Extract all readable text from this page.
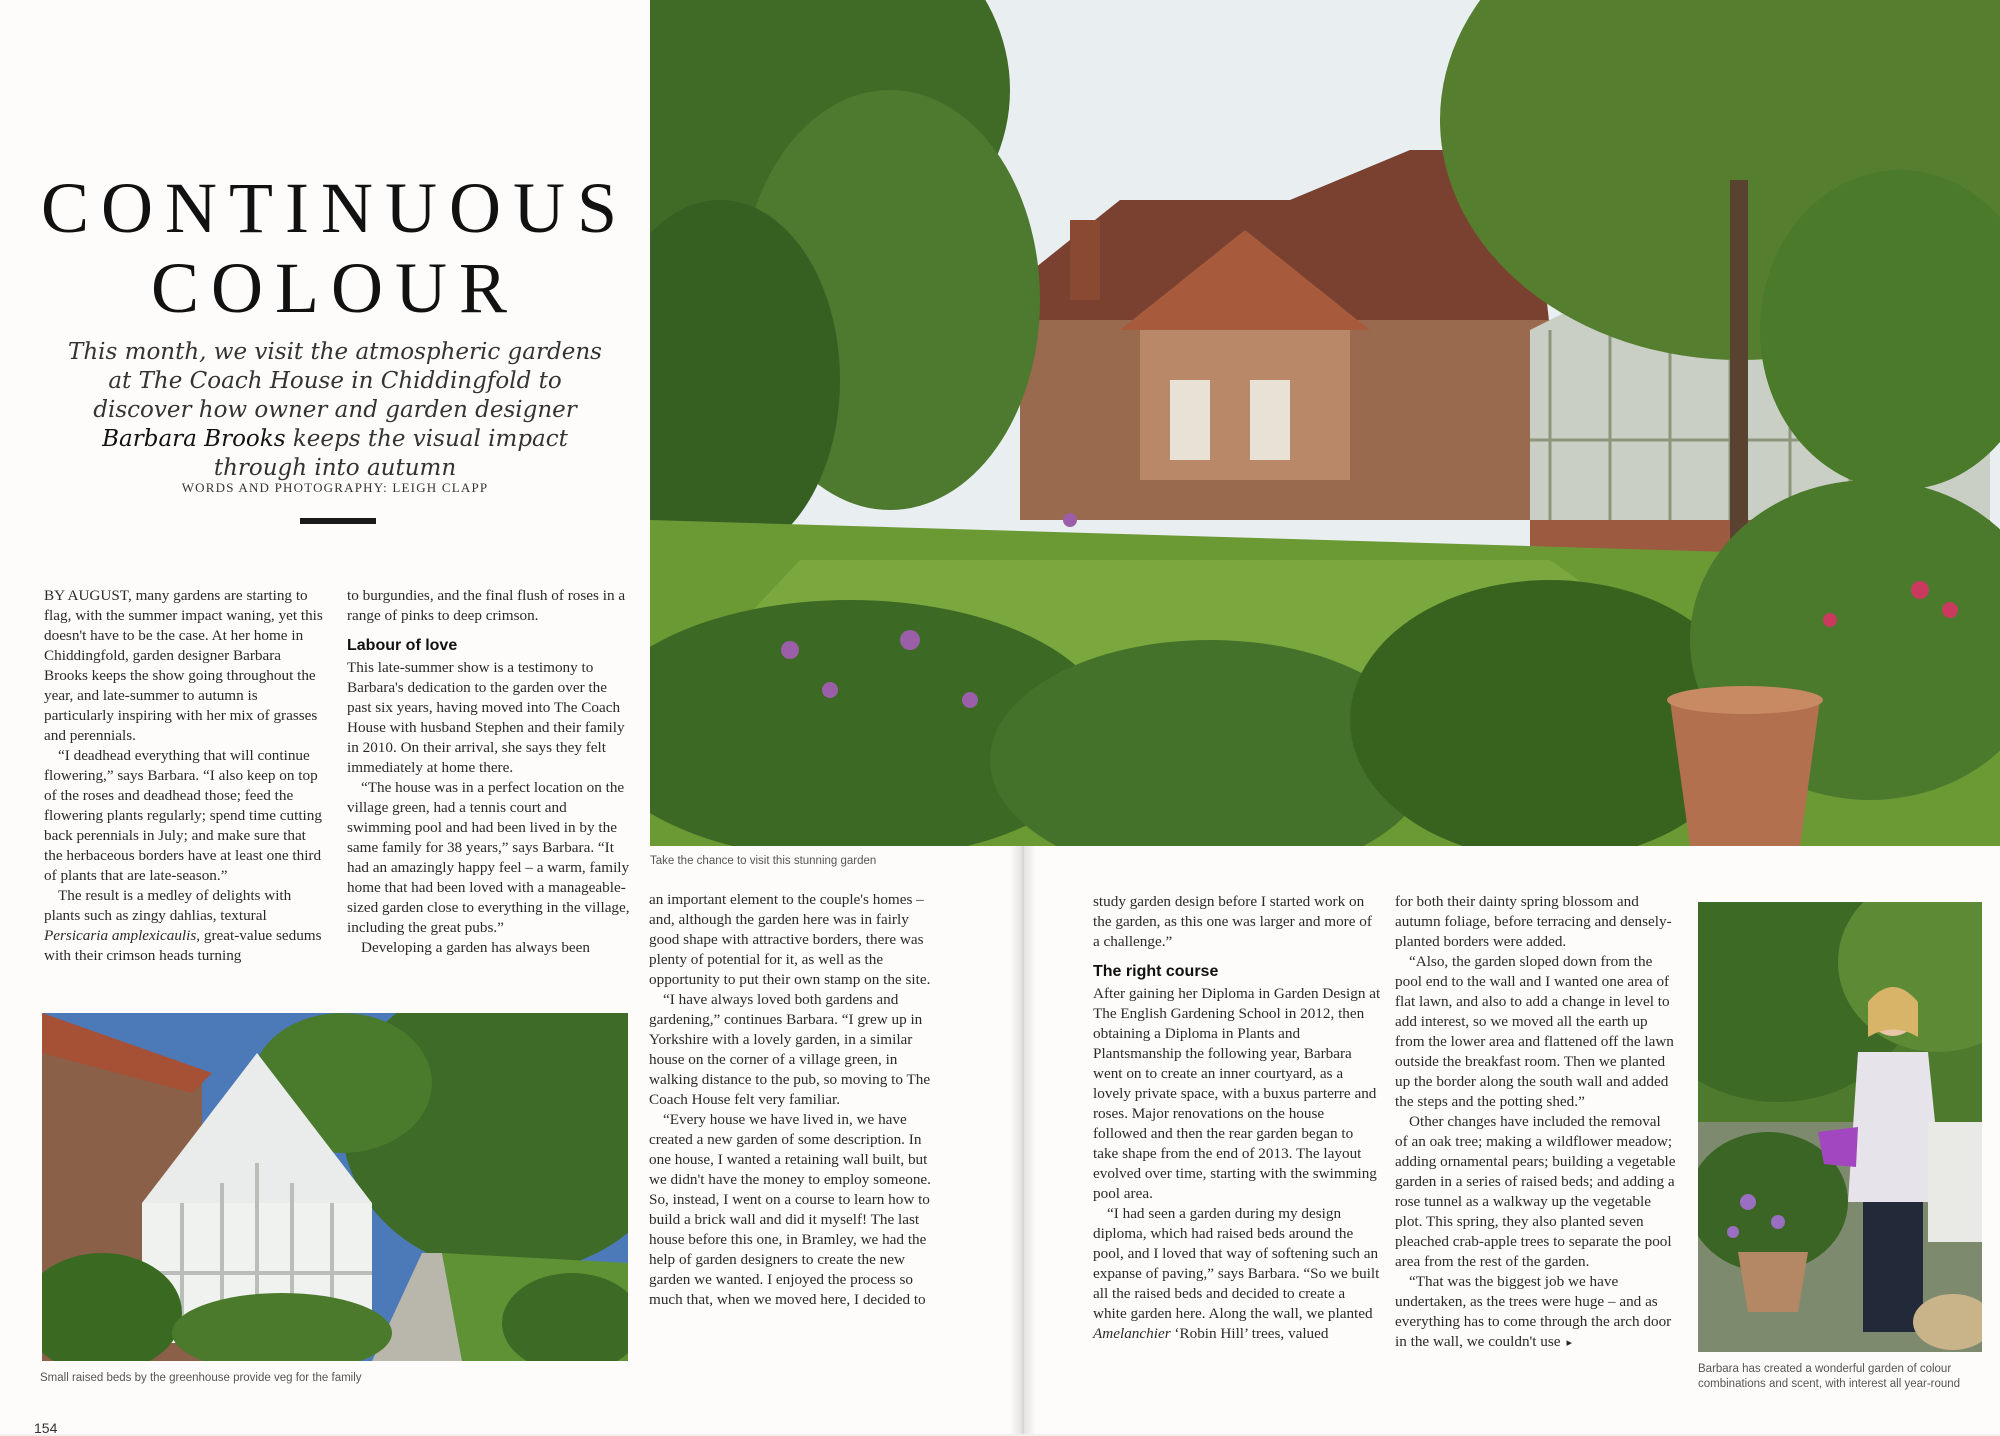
CONTINUOUS
COLOUR
This month, we visit the atmospheric gardens at The Coach House in Chiddingfold to discover how owner and garden designer Barbara Brooks keeps the visual impact through into autumn
WORDS AND PHOTOGRAPHY: LEIGH CLAPP

BY AUGUST, many gardens are starting to flag, with the summer impact waning, yet this doesn't have to be the case. At her home in Chiddingfold, garden designer Barbara Brooks keeps the show going throughout the year, and late-summer to autumn is particularly inspiring with her mix of grasses and perennials.

“I deadhead everything that will continue flowering,” says Barbara. “I also keep on top of the roses and deadhead those; feed the flowering plants regularly; spend time cutting back perennials in July; and make sure that the herbaceous borders have at least one third of plants that are late-season.”

The result is a medley of delights with plants such as zingy dahlias, textural Persicaria amplexicaulis, great-value sedums with their crimson heads turning

to burgundies, and the final flush of roses in a range of pinks to deep crimson.

Labour of love

This late-summer show is a testimony to Barbara's dedication to the garden over the past six years, having moved into The Coach House with husband Stephen and their family in 2010. On their arrival, she says they felt immediately at home there.

“The house was in a perfect location on the village green, had a tennis court and swimming pool and had been lived in by the same family for 38 years,” says Barbara. “It had an amazingly happy feel – a warm, family home that had been loved with a manageable-sized garden close to everything in the village, including the great pubs.”

Developing a garden has always been

Take the chance to visit this stunning garden
Small raised beds by the greenhouse provide veg for the family

an important element to the couple's homes – and, although the garden here was in fairly good shape with attractive borders, there was plenty of potential for it, as well as the opportunity to put their own stamp on the site.

“I have always loved both gardens and gardening,” continues Barbara. “I grew up in Yorkshire with a lovely garden, in a similar house on the corner of a village green, in walking distance to the pub, so moving to The Coach House felt very familiar.

“Every house we have lived in, we have created a new garden of some description. In one house, I wanted a retaining wall built, but we didn't have the money to employ someone. So, instead, I went on a course to learn how to build a brick wall and did it myself! The last house before this one, in Bramley, we had the help of garden designers to create the new garden we wanted. I enjoyed the process so much that, when we moved here, I decided to

study garden design before I started work on the garden, as this one was larger and more of a challenge.”

The right course

After gaining her Diploma in Garden Design at The English Gardening School in 2012, then obtaining a Diploma in Plants and Plantsmanship the following year, Barbara went on to create an inner courtyard, as a lovely private space, with a buxus parterre and roses. Major renovations on the house followed and then the rear garden began to take shape from the end of 2013. The layout evolved over time, starting with the swimming pool area.

“I had seen a garden during my design diploma, which had raised beds around the pool, and I loved that way of softening such an expanse of paving,” says Barbara. “So we built all the raised beds and decided to create a white garden here. Along the wall, we planted Amelanchier ‘Robin Hill’ trees, valued

for both their dainty spring blossom and autumn foliage, before terracing and densely-planted borders were added.

“Also, the garden sloped down from the pool end to the wall and I wanted one area of flat lawn, and also to add a change in level to add interest, so we moved all the earth up from the lower area and flattened off the lawn outside the breakfast room. Then we planted up the border along the south wall and added the steps and the potting shed.”

Other changes have included the removal of an oak tree; making a wildflower meadow; adding ornamental pears; building a vegetable garden in a series of raised beds; and adding a rose tunnel as a walkway up the vegetable plot. This spring, they also planted seven pleached crab-apple trees to separate the pool area from the rest of the garden.

“That was the biggest job we have undertaken, as the trees were huge – and as everything has to come through the arch door in the wall, we couldn't use ▸

Barbara has created a wonderful garden of colour combinations and scent, with interest all year-round
154
